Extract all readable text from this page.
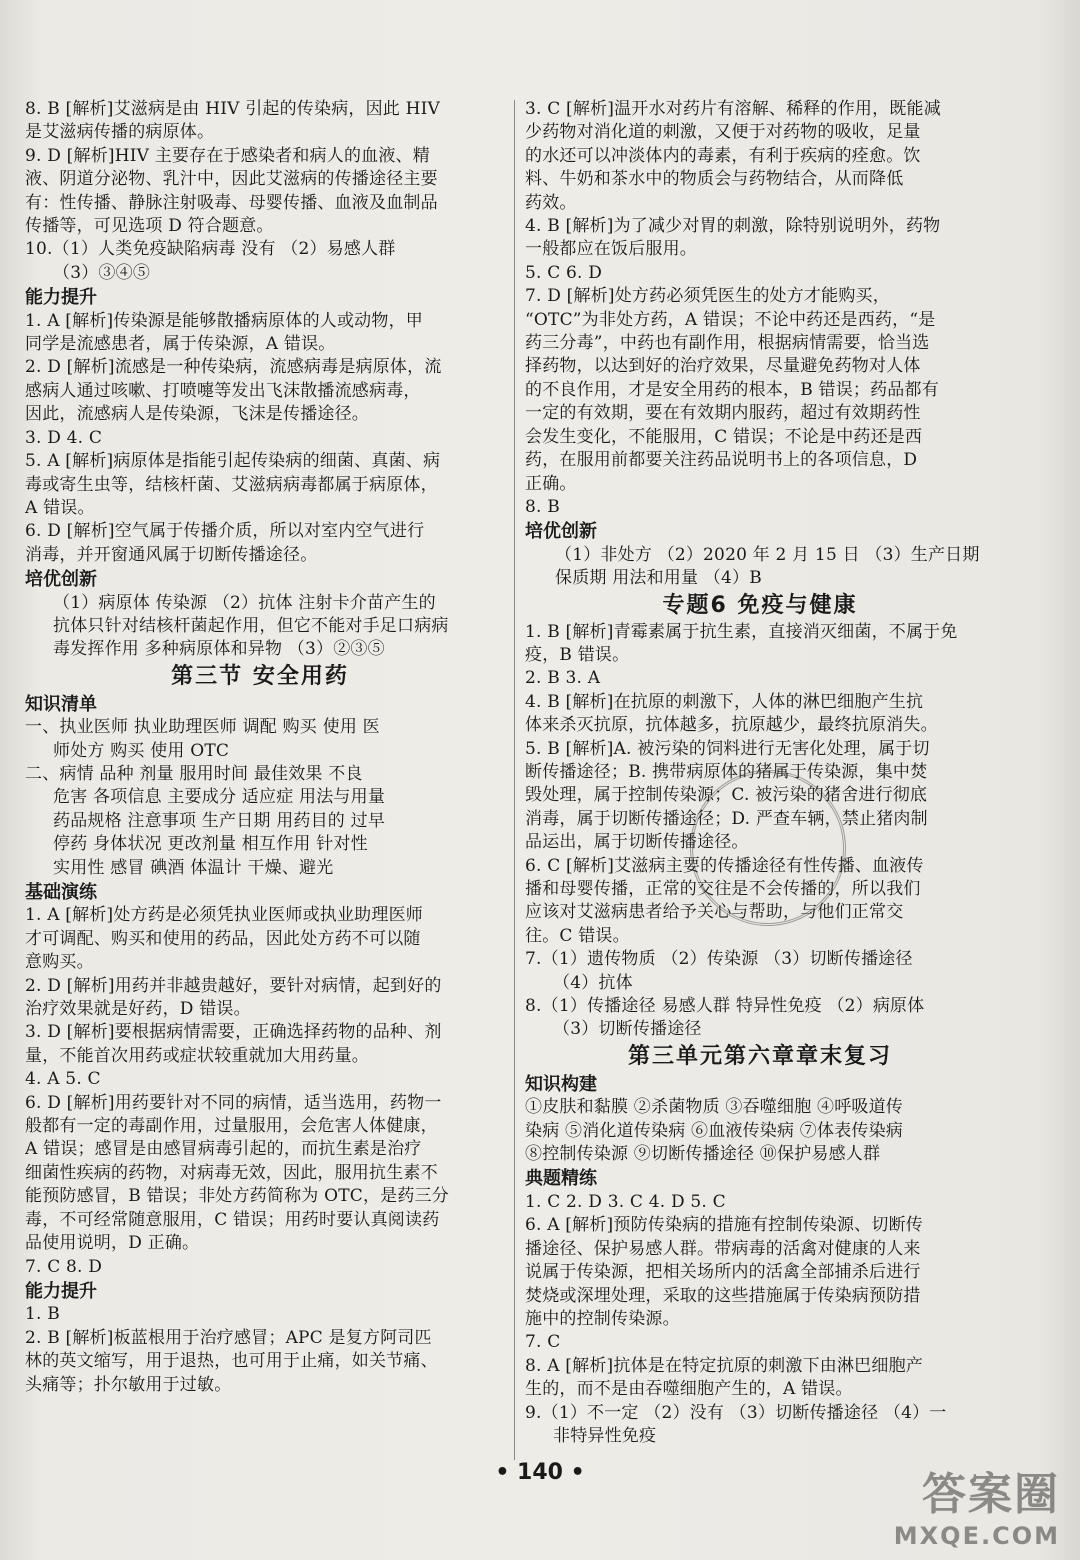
8. B [解析]艾滋病是由 HIV 引起的传染病，因此 HIV
是艾滋病传播的病原体。
9. D [解析]HIV 主要存在于感染者和病人的血液、精
液、阴道分泌物、乳汁中，因此艾滋病的传播途径主要
有：性传播、静脉注射吸毒、母婴传播、血液及血制品
传播等，可见选项 D 符合题意。
10.（1）人类免疫缺陷病毒 没有 （2）易感人群
（3）③④⑤
能力提升
1. A [解析]传染源是能够散播病原体的人或动物，甲
同学是流感患者，属于传染源，A 错误。
2. D [解析]流感是一种传染病，流感病毒是病原体，流
感病人通过咳嗽、打喷嚏等发出飞沫散播流感病毒，
因此，流感病人是传染源，飞沫是传播途径。
3. D 4. C
5. A [解析]病原体是指能引起传染病的细菌、真菌、病
毒或寄生虫等，结核杆菌、艾滋病病毒都属于病原体，
A 错误。
6. D [解析]空气属于传播介质，所以对室内空气进行
消毒，并开窗通风属于切断传播途径。
培优创新
（1）病原体 传染源 （2）抗体 注射卡介苗产生的
抗体只针对结核杆菌起作用，但它不能对手足口病病
毒发挥作用 多种病原体和异物 （3）②③⑤
第三节 安全用药
知识清单
一、执业医师 执业助理医师 调配 购买 使用 医
师处方 购买 使用 OTC
二、病情 品种 剂量 服用时间 最佳效果 不良
危害 各项信息 主要成分 适应症 用法与用量
药品规格 注意事项 生产日期 用药目的 过早
停药 身体状况 更改剂量 相互作用 针对性
实用性 感冒 碘酒 体温计 干燥、避光
基础演练
1. A [解析]处方药是必须凭执业医师或执业助理医师
才可调配、购买和使用的药品，因此处方药不可以随
意购买。
2. D [解析]用药并非越贵越好，要针对病情，起到好的
治疗效果就是好药，D 错误。
3. D [解析]要根据病情需要，正确选择药物的品种、剂
量，不能首次用药或症状较重就加大用药量。
4. A 5. C
6. D [解析]用药要针对不同的病情，适当选用，药物一
般都有一定的毒副作用，过量服用，会危害人体健康，
A 错误；感冒是由感冒病毒引起的，而抗生素是治疗
细菌性疾病的药物，对病毒无效，因此，服用抗生素不
能预防感冒，B 错误；非处方药简称为 OTC，是药三分
毒，不可经常随意服用，C 错误；用药时要认真阅读药
品使用说明，D 正确。
7. C 8. D
能力提升
1. B
2. B [解析]板蓝根用于治疗感冒；APC 是复方阿司匹
林的英文缩写，用于退热，也可用于止痛，如关节痛、
头痛等；扑尔敏用于过敏。
3. C [解析]温开水对药片有溶解、稀释的作用，既能减
少药物对消化道的刺激，又便于对药物的吸收，足量
的水还可以冲淡体内的毒素，有利于疾病的痊愈。饮
料、牛奶和茶水中的物质会与药物结合，从而降低
药效。
4. B [解析]为了减少对胃的刺激，除特别说明外，药物
一般都应在饭后服用。
5. C 6. D
7. D [解析]处方药必须凭医生的处方才能购买，
“OTC”为非处方药，A 错误；不论中药还是西药，“是
药三分毒”，中药也有副作用，根据病情需要，恰当选
择药物，以达到好的治疗效果，尽量避免药物对人体
的不良作用，才是安全用药的根本，B 错误；药品都有
一定的有效期，要在有效期内服药，超过有效期药性
会发生变化，不能服用，C 错误；不论是中药还是西
药，在服用前都要关注药品说明书上的各项信息，D
正确。
8. B
培优创新
（1）非处方 （2）2020 年 2 月 15 日 （3）生产日期
保质期 用法和用量 （4）B
专题6 免疫与健康
1. B [解析]青霉素属于抗生素，直接消灭细菌，不属于免
疫，B 错误。
2. B 3. A
4. B [解析]在抗原的刺激下，人体的淋巴细胞产生抗
体来杀灭抗原，抗体越多，抗原越少，最终抗原消失。
5. B [解析]A. 被污染的饲料进行无害化处理，属于切
断传播途径；B. 携带病原体的猪属于传染源，集中焚
毁处理，属于控制传染源；C. 被污染的猪舍进行彻底
消毒，属于切断传播途径；D. 严查车辆，禁止猪肉制
品运出，属于切断传播途径。
6. C [解析]艾滋病主要的传播途径有性传播、血液传
播和母婴传播，正常的交往是不会传播的，所以我们
应该对艾滋病患者给予关心与帮助，与他们正常交
往。C 错误。
7.（1）遗传物质 （2）传染源 （3）切断传播途径
（4）抗体
8.（1）传播途径 易感人群 特异性免疫 （2）病原体
（3）切断传播途径
第三单元第六章章末复习
知识构建
①皮肤和黏膜 ②杀菌物质 ③吞噬细胞 ④呼吸道传
染病 ⑤消化道传染病 ⑥血液传染病 ⑦体表传染病
⑧控制传染源 ⑨切断传播途径 ⑩保护易感人群
典题精练
1. C 2. D 3. C 4. D 5. C
6. A [解析]预防传染病的措施有控制传染源、切断传
播途径、保护易感人群。带病毒的活禽对健康的人来
说属于传染源，把相关场所内的活禽全部捕杀后进行
焚烧或深埋处理，采取的这些措施属于传染病预防措
施中的控制传染源。
7. C
8. A [解析]抗体是在特定抗原的刺激下由淋巴细胞产
生的，而不是由吞噬细胞产生的，A 错误。
9.（1）不一定 （2）没有 （3）切断传播途径 （4）一
非特异性免疫
• 140 •	答案圈
MXQE.COM
